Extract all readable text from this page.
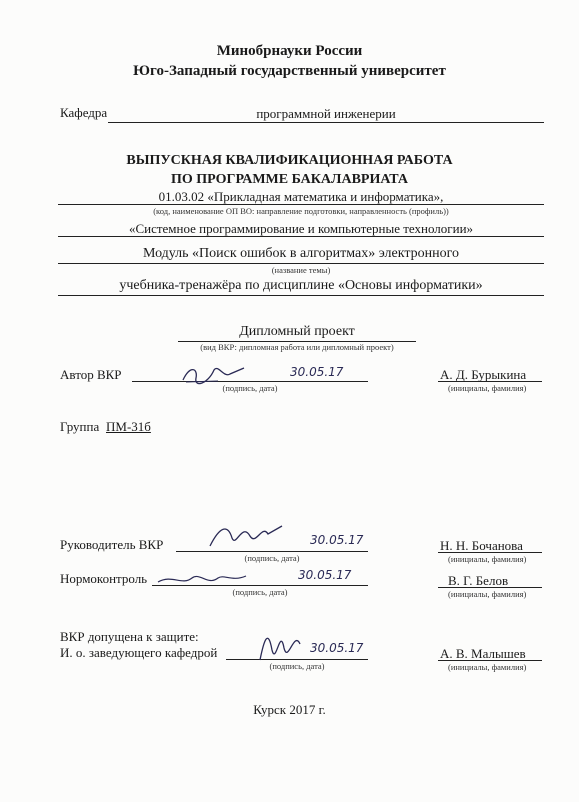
Минобрнауки России
Юго-Западный государственный университет
Кафедра	программной инженерии
ВЫПУСКНАЯ КВАЛИФИКАЦИОННАЯ РАБОТА
ПО ПРОГРАММЕ БАКАЛАВРИАТА
01.03.02 «Прикладная математика и информатика»,
(код, наименование ОП ВО: направление подготовки, направленность (профиль))
«Системное программирование и компьютерные технологии»
Модуль «Поиск ошибок в алгоритмах» электронного
(название темы)
учебника-тренажёра по дисциплине «Основы информатики»
Дипломный проект
(вид ВКР: дипломная работа или дипломный проект)
Автор ВКР	30.05.17
(подпись, дата)
А. Д. Бурыкина
(инициалы, фамилия)
Группа ПМ-31б
Руководитель ВКР	30.05.17
(подпись, дата)
Н. Н. Бочанова
(инициалы, фамилия)
Нормоконтроль	30.05.17
(подпись, дата)
В. Г. Белов
(инициалы, фамилия)
ВКР допущена к защите:
И. о. заведующего кафедрой	30.05.17
(подпись, дата)
А. В. Малышев
(инициалы, фамилия)
Курск 2017 г.
